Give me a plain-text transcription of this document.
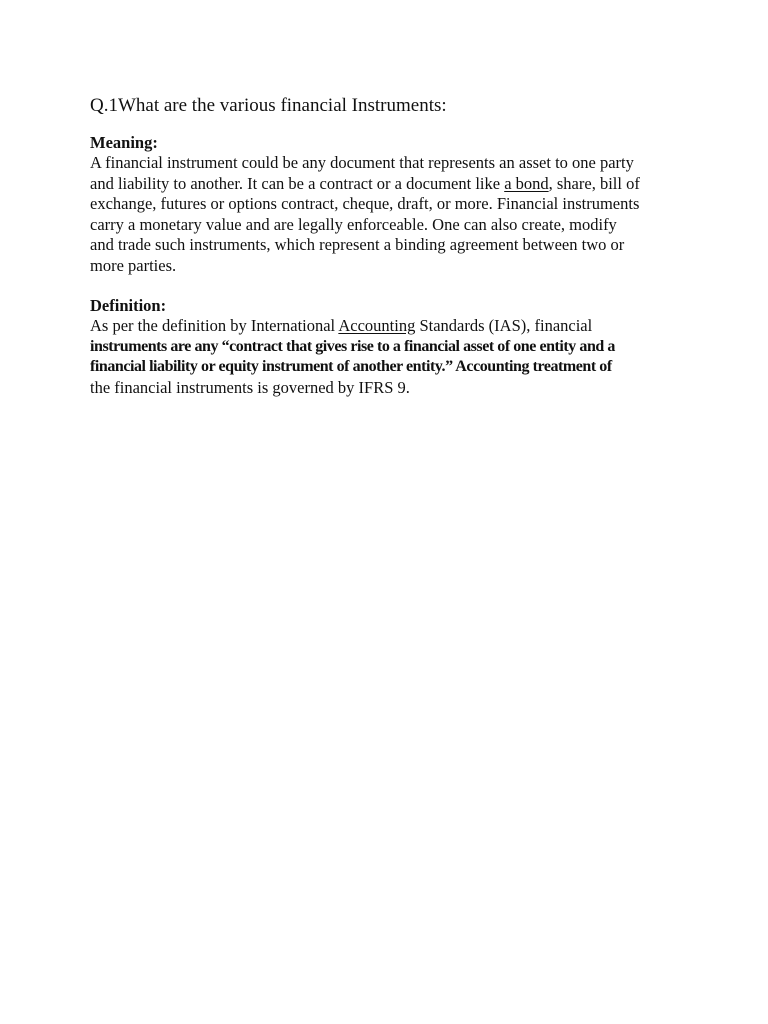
Q.1What are the various financial Instruments:
Meaning:
A financial instrument could be any document that represents an asset to one party
and liability to another. It can be a contract or a document like a bond, share, bill of
exchange, futures or options contract, cheque, draft, or more. Financial instruments
carry a monetary value and are legally enforceable. One can also create, modify
and trade such instruments, which represent a binding agreement between two or
more parties.
Definition:
As per the definition by International Accounting Standards (IAS), financial
instruments are any “contract that gives rise to a financial asset of one entity and a
financial liability or equity instrument of another entity.” Accounting treatment of
the financial instruments is governed by IFRS 9.
